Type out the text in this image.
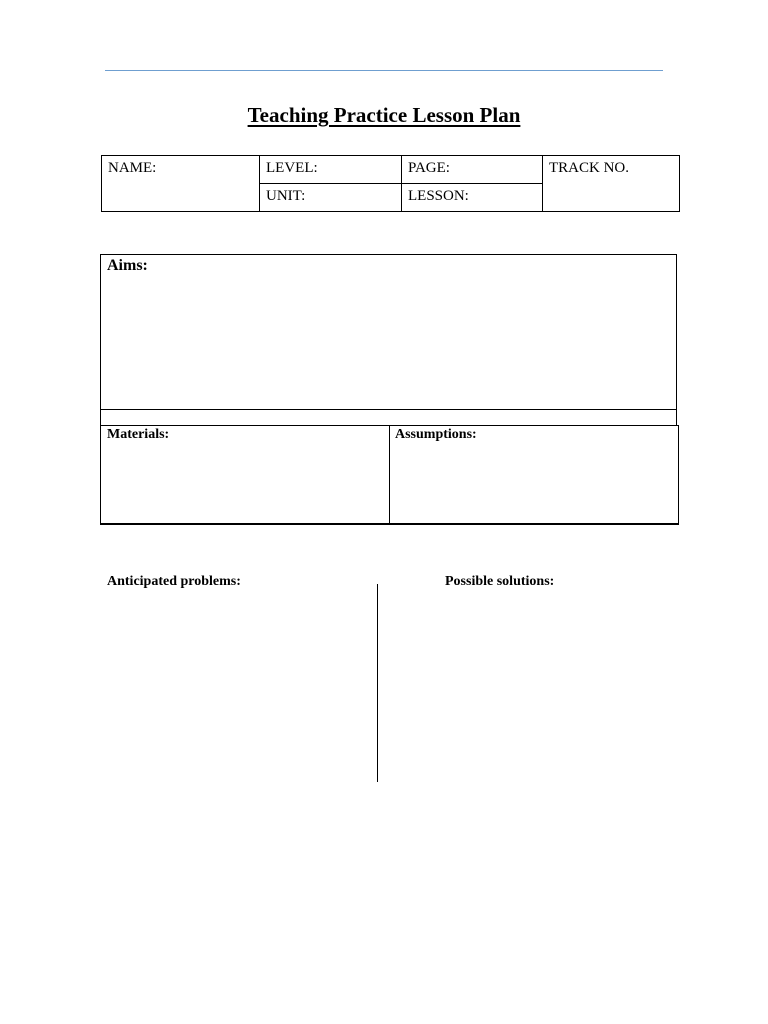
Teaching Practice Lesson Plan
NAME:	LEVEL:	PAGE:	TRACK NO.
	UNIT:	LESSON:	
Aims:
Materials:	Assumptions:
Anticipated problems:	Possible solutions:
